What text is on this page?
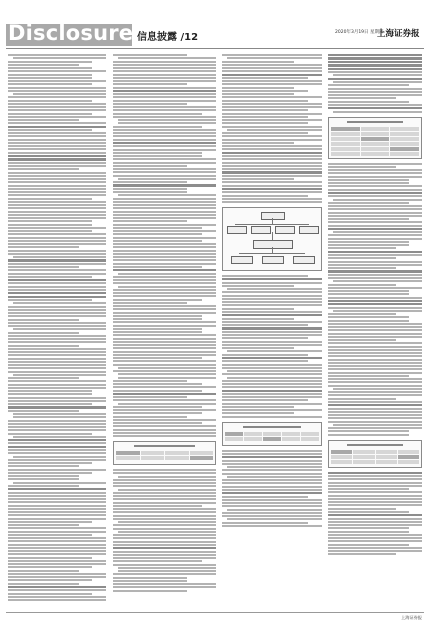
Disclosure 信息披露 /12	2020年3月19日 星期四
上海证券报
上海证券报
